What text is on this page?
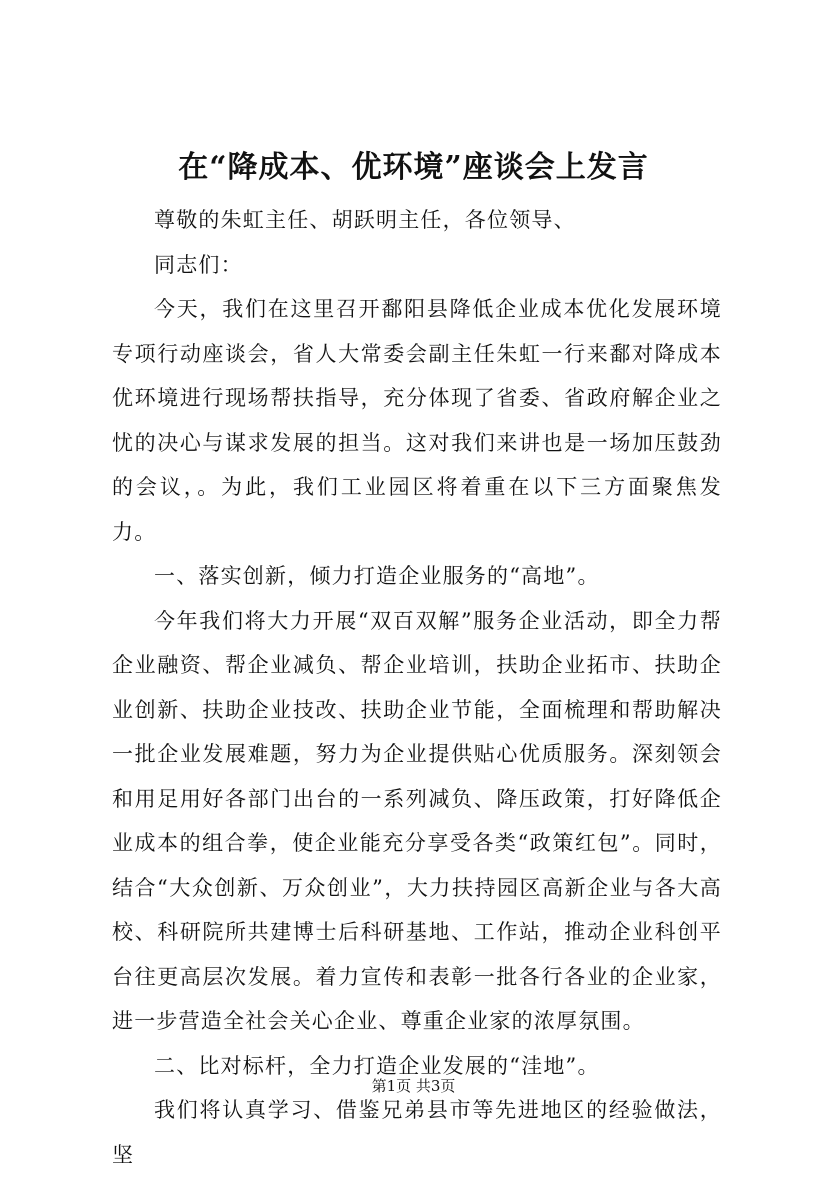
在“降成本、优环境”座谈会上发言

尊敬的朱虹主任、胡跃明主任，各位领导、

同志们：

今天，我们在这里召开鄱阳县降低企业成本优化发展环境专项行动座谈会，省人大常委会副主任朱虹一行来鄱对降成本优环境进行现场帮扶指导，充分体现了省委、省政府解企业之忧的决心与谋求发展的担当。这对我们来讲也是一场加压鼓劲的会议，。为此，我们工业园区将着重在以下三方面聚焦发力。

一、落实创新，倾力打造企业服务的“高地”。

今年我们将大力开展“双百双解”服务企业活动，即全力帮企业融资、帮企业减负、帮企业培训，扶助企业拓市、扶助企业创新、扶助企业技改、扶助企业节能，全面梳理和帮助解决一批企业发展难题，努力为企业提供贴心优质服务。深刻领会和用足用好各部门出台的一系列减负、降压政策，打好降低企业成本的组合拳，使企业能充分享受各类“政策红包”。同时，结合“大众创新、万众创业”，大力扶持园区高新企业与各大高校、科研院所共建博士后科研基地、工作站，推动企业科创平台往更高层次发展。着力宣传和表彰一批各行各业的企业家，进一步营造全社会关心企业、尊重企业家的浓厚氛围。

二、比对标杆，全力打造企业发展的“洼地”。

我们将认真学习、借鉴兄弟县市等先进地区的经验做法，坚

第1页 共3页
